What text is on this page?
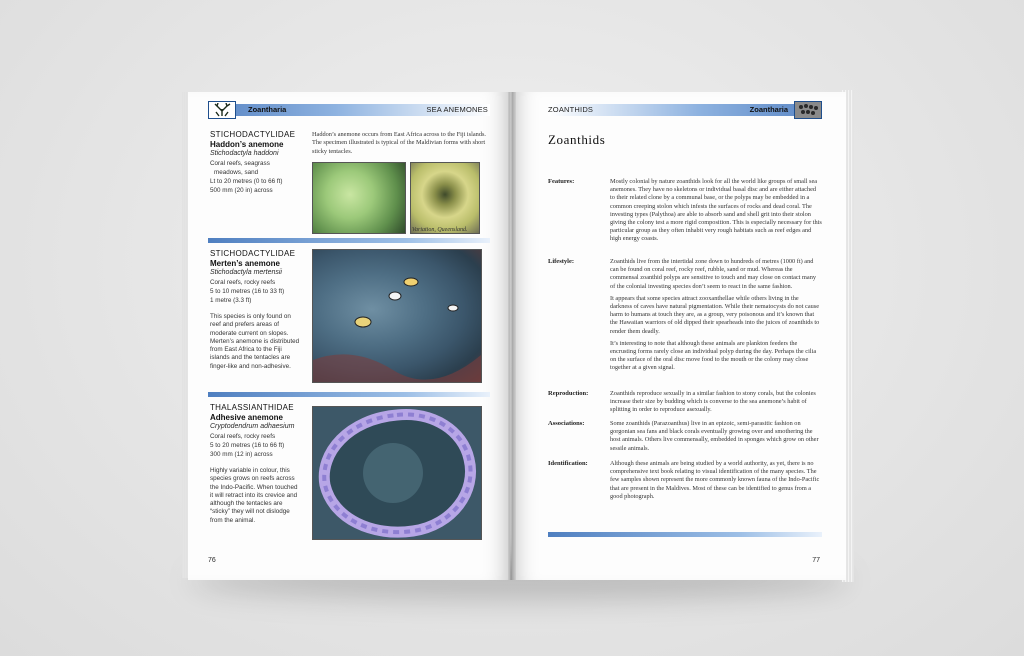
Zoantharia	SEA ANEMONES
STICHODACTYLIDAE
Haddon’s anemone
Stichodactyla haddoni
Coral reefs, seagrass
meadows, sand
Lt to 20 metres (0 to 66 ft)
500 mm (20 in) across
Haddon’s anemone occurs from East Africa across to the Fiji islands. The specimen illustrated is typical of the Maldivian forms with short sticky tentacles.
Variation, Queensland.
STICHODACTYLIDAE
Merten’s anemone
Stichodactyla mertensii
Coral reefs, rocky reefs
5 to 10 metres (16 to 33 ft)
1 metre (3.3 ft)
This species is only found on reef and prefers areas of moderate current on slopes. Merten’s anemone is distributed from East Africa to the Fiji islands and the tentacles are finger-like and non-adhesive.
THALASSIANTHIDAE
Adhesive anemone
Cryptodendrum adhaesium
Coral reefs, rocky reefs
5 to 20 metres (16 to 66 ft)
300 mm (12 in) across
Highly variable in colour, this species grows on reefs across the Indo-Pacific. When touched it will retract into its crevice and although the tentacles are “sticky” they will not dislodge from the animal.
76
ZOANTHIDS	Zoantharia
Zoanthids
Features:	Mostly colonial by nature zoanthids look for all the world like groups of small sea anemones. They have no skeletons or individual basal disc and are either attached to their related clone by a communal base, or the polyps may be embedded in a common creeping stolon which infests the surfaces of rocks and dead coral. The investing types (Palythoa) are able to absorb sand and shell grit into their stolon giving the colony test a more rigid composition. This is especially necessary for this particular group as they often inhabit very rough habitats such as reef edges and high energy coasts.

Lifestyle:	Zoanthids live from the intertidal zone down to hundreds of metres (1000 ft) and can be found on coral reef, rocky reef, rubble, sand or mud. Whereas the commensal zoanthid polyps are sensitive to touch and may close on contact many of the colonial investing species don’t seem to react in the same fashion.

It appears that some species attract zooxanthellae while others living in the darkness of caves have natural pigmentation. While their nematocysts do not cause harm to humans at touch they are, as a group, very poisonous and it’s known that the Hawaiian warriors of old dipped their spearheads into the juices of zoanthids to render them deadly.

It’s interesting to note that although these animals are plankton feeders the encrusting forms rarely close an individual polyp during the day. Perhaps the cilia on the surface of the oral disc move food to the mouth or the colony may close together at a given signal.

Reproduction:	Zoanthids reproduce sexually in a similar fashion to stony corals, but the colonies increase their size by budding which is converse to the sea anemone’s habit of splitting in order to reproduce asexually.

Associations:	Some zoanthids (Parazoanthus) live in an epizoic, semi-parasitic fashion on gorgonian sea fans and black corals eventually growing over and smothering the host animals. Others live commensally, embedded in sponges which grow on other sessile animals.

Identification:	Although these animals are being studied by a world authority, as yet, there is no comprehensive text book relating to visual identification of the many species. The few samples shown represent the more commonly known fauna of the Indo-Pacific that are present in the Maldives. Most of these can be identified to genus from a good photograph.

77
